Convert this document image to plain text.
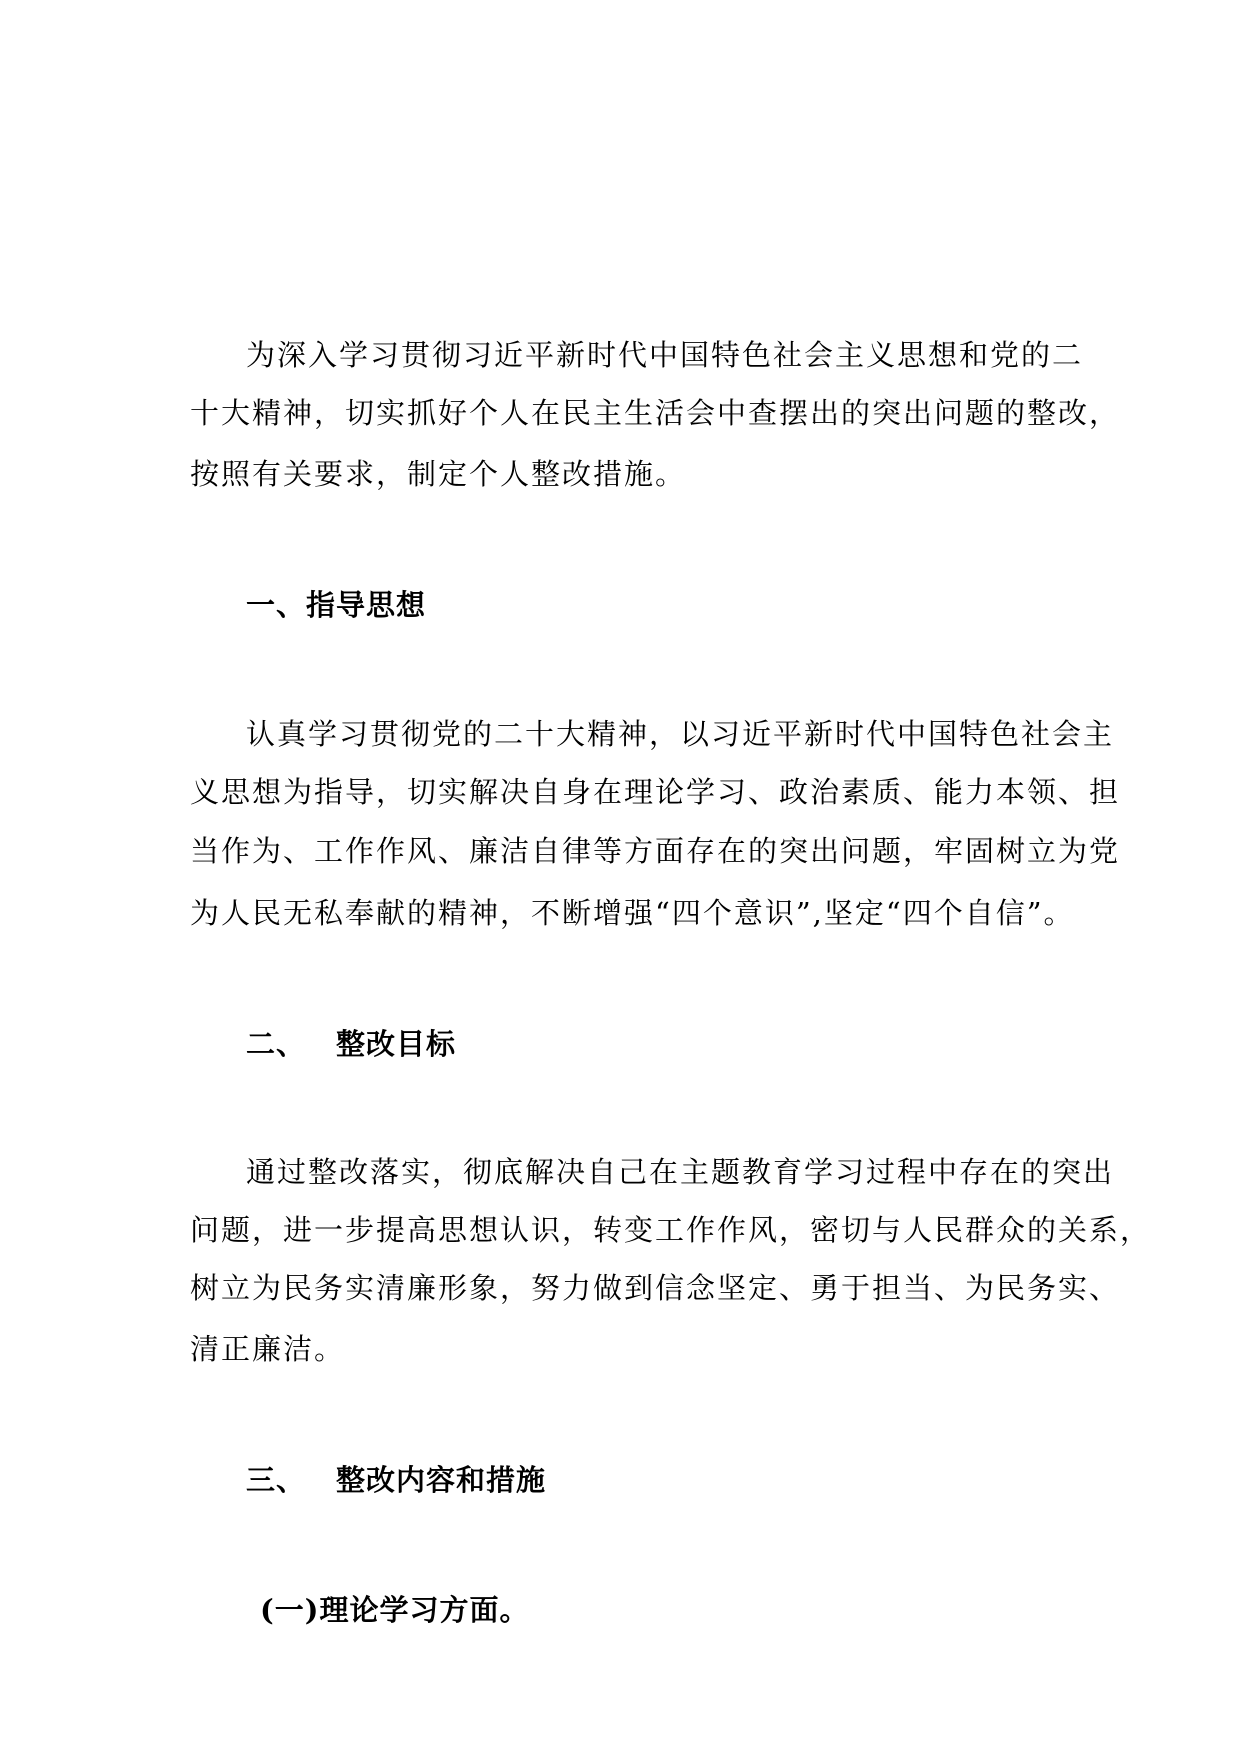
为深入学习贯彻习近平新时代中国特色社会主义思想和党的二
十大精神，切实抓好个人在民主生活会中查摆出的突出问题的整改，
按照有关要求，制定个人整改措施。
一、指导思想
认真学习贯彻党的二十大精神，以习近平新时代中国特色社会主
义思想为指导，切实解决自身在理论学习、政治素质、能力本领、担
当作为、工作作风、廉洁自律等方面存在的突出问题，牢固树立为党
为人民无私奉献的精神，不断增强“四个意识”,坚定“四个自信”。
二、 整改目标
通过整改落实，彻底解决自己在主题教育学习过程中存在的突出
问题，进一步提高思想认识，转变工作作风，密切与人民群众的关系，
树立为民务实清廉形象，努力做到信念坚定、勇于担当、为民务实、
清正廉洁。
三、 整改内容和措施
(一)理论学习方面。
